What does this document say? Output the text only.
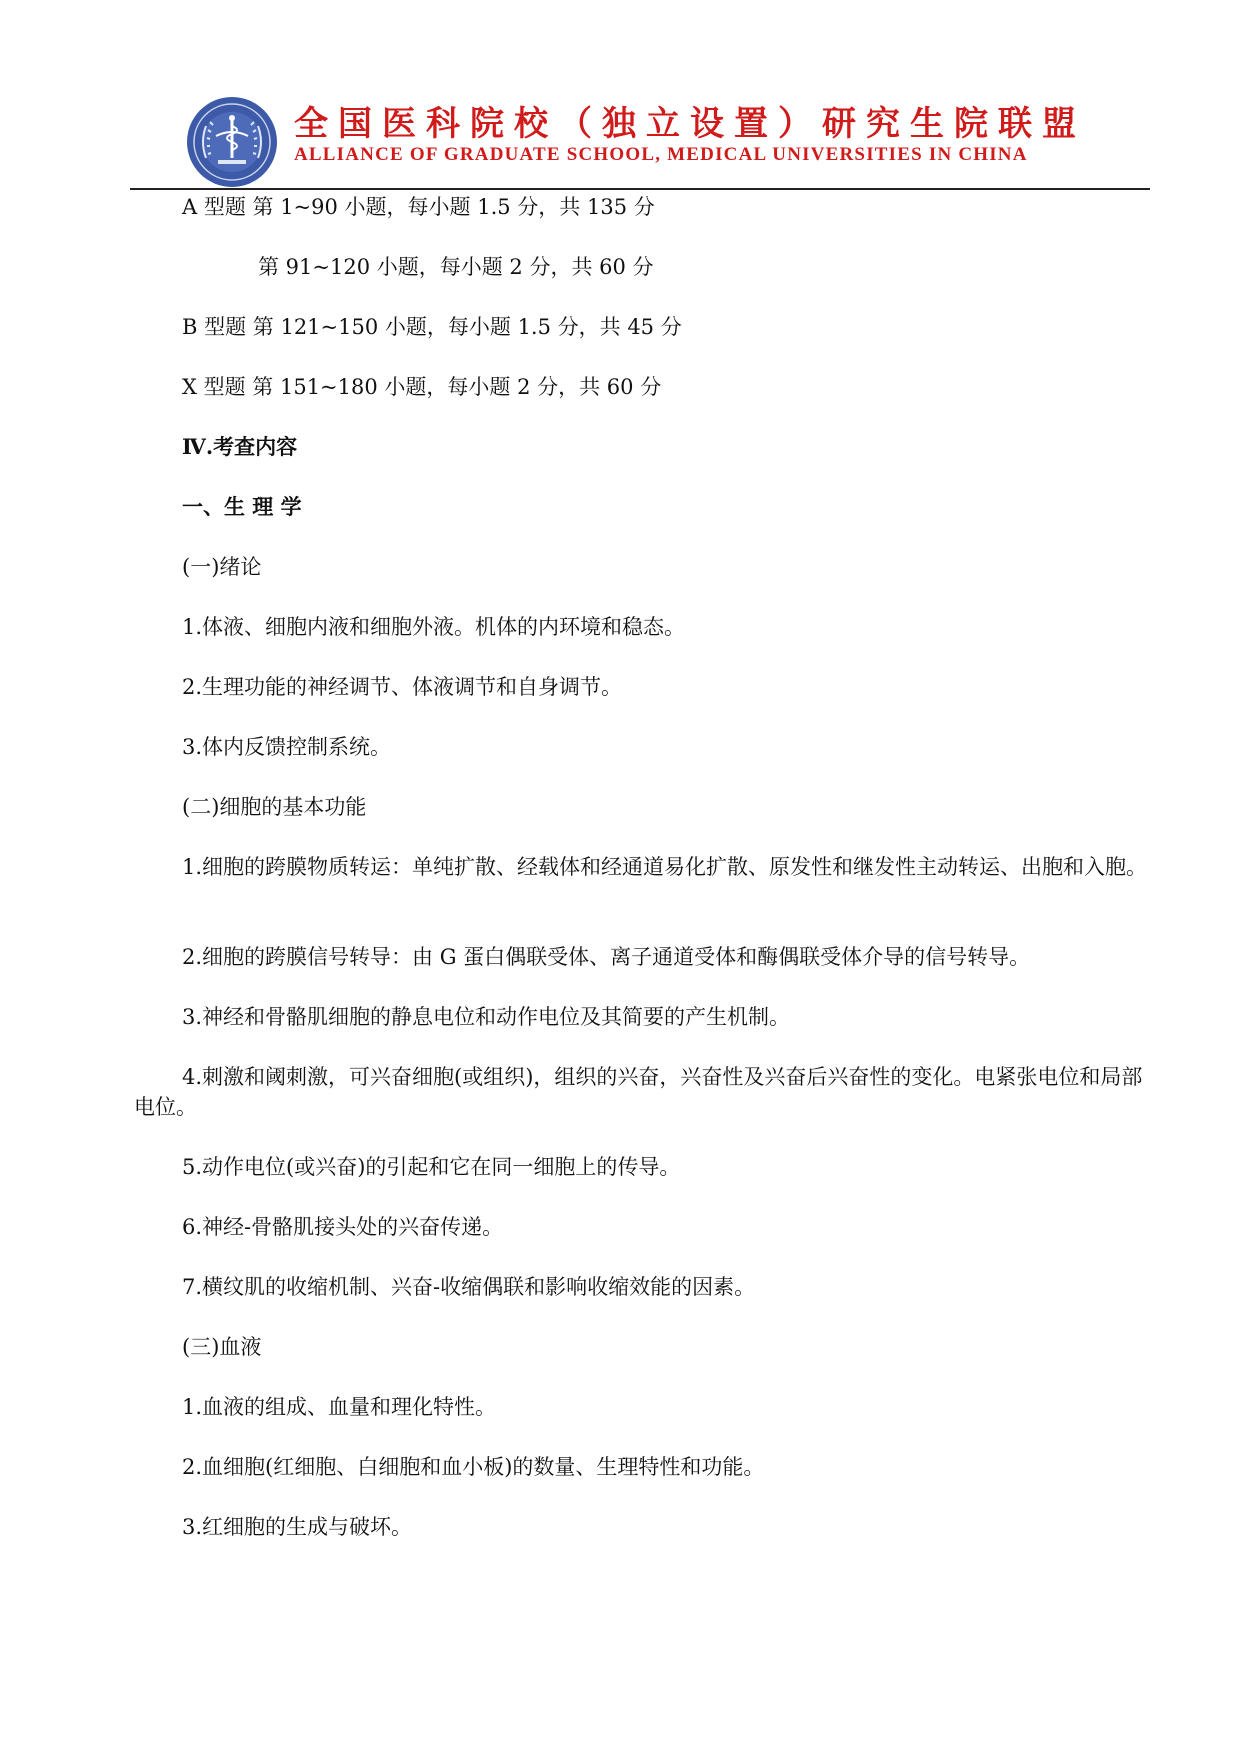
全国医科院校（独立设置）研究生院联盟
ALLIANCE OF GRADUATE SCHOOL, MEDICAL UNIVERSITIES IN CHINA
A 型题 第 1~90 小题，每小题 1.5 分，共 135 分
第 91~120 小题，每小题 2 分，共 60 分
B 型题 第 121~150 小题，每小题 1.5 分，共 45 分
X 型题 第 151~180 小题，每小题 2 分，共 60 分
Ⅳ.考查内容
一、生 理 学
(一)绪论
1.体液、细胞内液和细胞外液。机体的内环境和稳态。
2.生理功能的神经调节、体液调节和自身调节。
3.体内反馈控制系统。
(二)细胞的基本功能
1.细胞的跨膜物质转运：单纯扩散、经载体和经通道易化扩散、原发性和继发性主动转运、出胞和入胞。
2.细胞的跨膜信号转导：由 G 蛋白偶联受体、离子通道受体和酶偶联受体介导的信号转导。
3.神经和骨骼肌细胞的静息电位和动作电位及其简要的产生机制。
4.刺激和阈刺激，可兴奋细胞(或组织)，组织的兴奋，兴奋性及兴奋后兴奋性的变化。电紧张电位和局部电位。
5.动作电位(或兴奋)的引起和它在同一细胞上的传导。
6.神经-骨骼肌接头处的兴奋传递。
7.横纹肌的收缩机制、兴奋-收缩偶联和影响收缩效能的因素。
(三)血液
1.血液的组成、血量和理化特性。
2.血细胞(红细胞、白细胞和血小板)的数量、生理特性和功能。
3.红细胞的生成与破坏。
